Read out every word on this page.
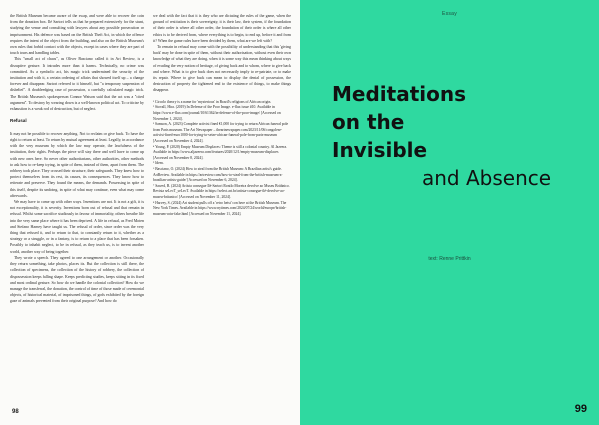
the British Museum became aware of the swap, and were able to recover the coin from the donation box. Ilé Sartori tells us that he prepared extensively for the stunt, studying the venue and consulting with lawyers about any possible prosecution or imprisonment. His defence was based on the British Theft Act, in which the offence requires the intent of the object from the building, and also on the British Museum's own rules that forbid contact with the objects, except in cases where they are part of touch tours and handling tables.

This "small act of chaos", as Oliver Basciano called it in Art Review, is a disruptive gesture. It intrudes more than it harms. Technically, no crime was committed. As a symbolic act, his magic trick undermined the security of the institution and with it, a certain ordering of affairs that showed itself up – a change forever and disappear. Sartori referred to it himself, but "a temporary suspension of disbelief". A doubleedging case of possession, a carefully calculated magic trick. The British Museum's spokesperson Connor Watson said that the act was a "cited argument". To destroy by wearing down is a well-known political act. To criticise by exhaustion is a weak rod of destruction, but of neglect.

Refusal

It may not be possible to recover anything. Not to reclaim or give back. To have the right to return at least. To return by mutual agreement at least. Legally, in accordance with the very museum by which the law may operate, the lawfulness of the institution, their rights. Perhaps the piece will stay there and well have to come up with new ones here. So never other authoritarians, other authorities, other methods to ask how to re-keep trying, in spite of them, instead of them, apart from them. The robbery took place. They crossed their structure, their safeguards. They knew how to protect themselves from its rest, its causes, its consequences. They know how to reiterate and preserve. They found the means, the demands. Possessing in spite of this itself, despite its undoing, in spite of what may continue, even what may come afterwards.

We may have to come up with other ways. Inventions are not. It is not a gift, it is not exceptionality, it is severity. Inventions born out of refusal and that remain in refusal. Whilst some sacrifice studiously in favour of immortality, others breathe life into the very same place where it has been deprived. A life in refusal, as Fred Moten and Stefano Harney have taught us. The refusal of order, since order was the very thing that refused it, and to return to that, to constantly return to it, whether as a strategy or a struggle, or in a fantasy, is to return to a place that has been forsaken. Possibly to inhabit neglect, to be in refusal, as they teach us, is to invent another world, another way of being together.

They wrote a speech. They agreed to one arrangement or another. Occasionally they return something, take photos, places its. But the collection is still there, the collection of specimens, the collection of the history of robbery, the collection of dispossession keeps falling shape. Keeps predicting studies, keeps sitting in its fixed and most ordinal gesture. So how do we handle the colonial collection? How do we manage the transferral, the donation, the control of time of those made of ceremonial objects, of historical material, of imprisoned things, of gods exhibited by the foreign gaze of animals prevented from their original purpose? And how do

we deal with the fact that it is they who are dictating the rules of the game, when the ground of restitution is their sovereignty, it is their law, their system, if the foundation of their order is where all other order, the foundation of their order is where all other ethics is to be derived from, where everything is to begin, to end up, before it and from it? When the game rules have been decided by them, what are we left with?

To remain in refusal may come with the possibility of understanding that this 'giving back' may be done in spite of them, without their authorisation, without even their own knowledge of what they are doing, when it is some way this mean thinking about ways of evading the very notion of heritage, of giving back and to whom, where to give back and where. What is to give back does not necessarily imply to re-patriate, or to make its repair. Where to give back can mean to display the denial of possession, the destruction of property the tightened end to the existence of things, to make things disappear.

¹ Circolo theory is a name for 'mysterious' in Brazil's religions of African origin.

² Stovall, Hira. (2019) In Defense of the Poor Image. e-flux issue #10. Available in https://www.e-flux.com/journal/10/61362/in-defense-of-the-poor-image/ [Accessed on November 1, 2024].

³ Samson, A. (2023) Complete activist fined €1,000 for trying to return African funeral pole from Paris museum. The Art Newspaper – theartnewspaper.com/2023/11/06/congolese-activist-fined-euro1000-for-trying-to-seize-african-funeral-pole-from-paris-museum [Accessed on November 4, 2024].

⁴ Young, P. (2020) Empty Museum Displaces: Theme is still a colonial country. Al Jazeera. Available in https://www.aljazeera.com/features/2020/12/1/empty-museum-displaces [Accessed on November 8, 2024].

⁵ Idem.

⁶ Basciano, O. (2024) How to steal from the British Museum: A Brazilian artist's guide. ArtReview. Available in https://artreview.com/how-to-steal-from-the-british-museum-a-brazilian-artists-guide/ [Accessed on November 6, 2024].

⁷ Sawed, B. (2024) Artista consegue Ilé-Sartori Ronilo Moreira devolve ao Museu Britânico. Revista seLecT_seLecT. Available in https://select.art.br/artista-consegue-ilé-devolve-ao-museu-britanico/ [Accessed on November 11, 2024].

⁸ Harvey, S. (2024) Art student pulls off a 'retro heist' con here at the British Museum. The New York Times. Available in https://www.nytimes.com/2024/07/24/world/europe/british-museum-coin-fake.html [Accessed on November 11, 2024].

98
Essay
Meditations
on the
Invisible
and Absence
text: Renne Prittkin
99
